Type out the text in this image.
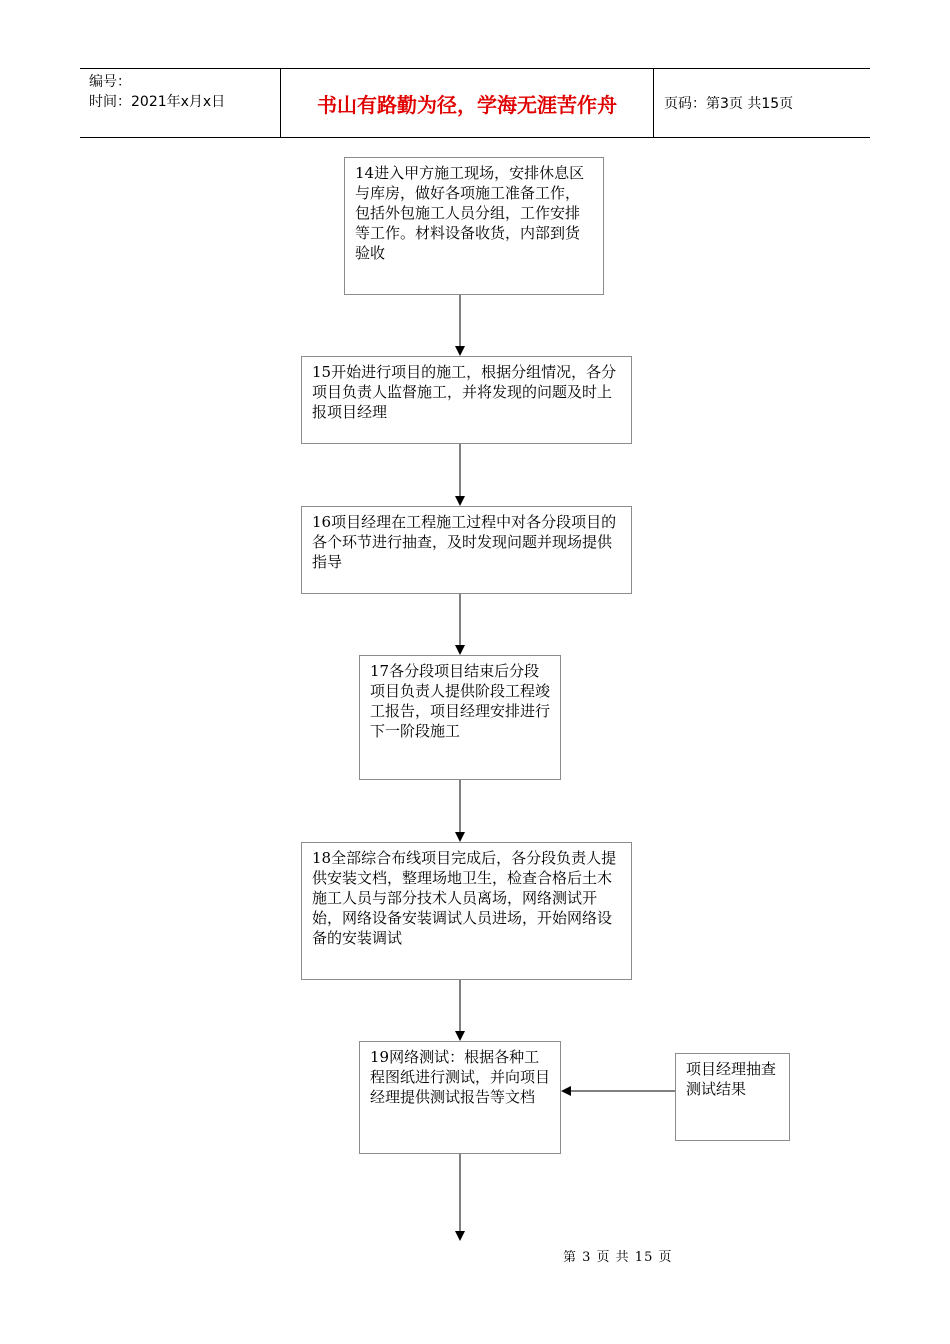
编号：
时间：2021年x月x日	书山有路勤为径，学海无涯苦作舟	页码：第3页 共15页
14进入甲方施工现场，安排休息区与库房，做好各项施工准备工作，包括外包施工人员分组，工作安排等工作。材料设备收货，内部到货验收
15开始进行项目的施工，根据分组情况，各分项目负责人监督施工，并将发现的问题及时上报项目经理
16项目经理在工程施工过程中对各分段项目的各个环节进行抽查，及时发现问题并现场提供指导
17各分段项目结束后分段项目负责人提供阶段工程竣工报告，项目经理安排进行下一阶段施工
18全部综合布线项目完成后，各分段负责人提供安装文档，整理场地卫生，检查合格后土木施工人员与部分技术人员离场，网络测试开始，网络设备安装调试人员进场，开始网络设备的安装调试
19网络测试：根据各种工程图纸进行测试，并向项目经理提供测试报告等文档
项目经理抽查测试结果
第 3 页 共 15 页
